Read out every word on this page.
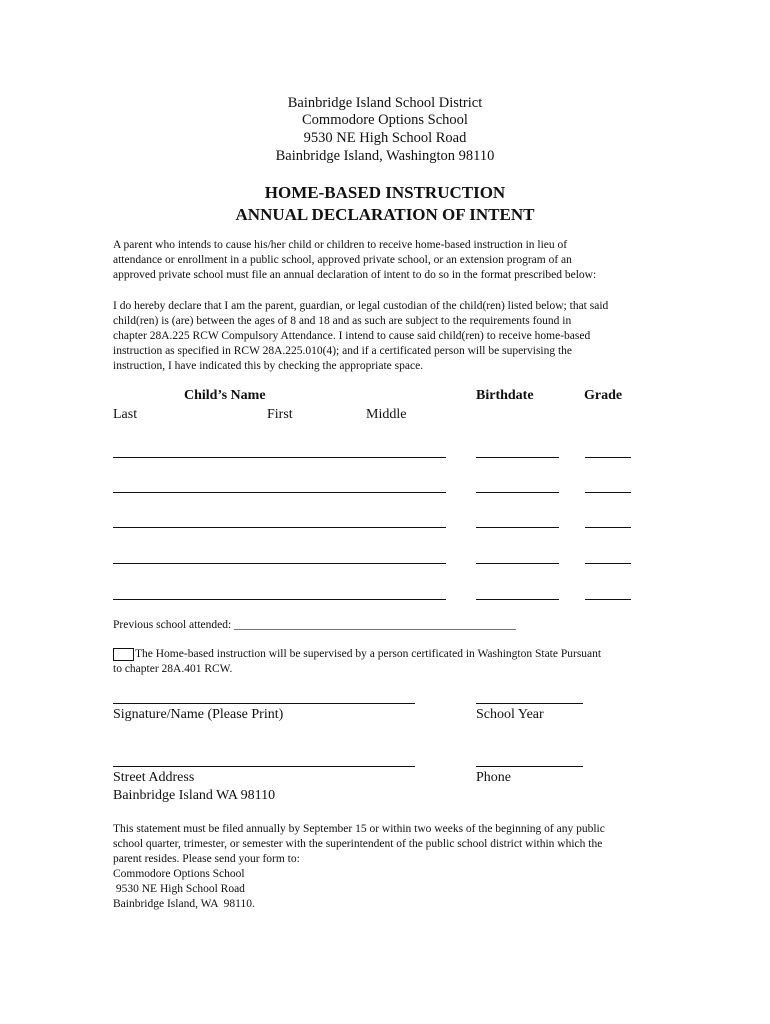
Bainbridge Island School District
Commodore Options School
9530 NE High School Road
Bainbridge Island, Washington 98110
HOME-BASED INSTRUCTION
ANNUAL DECLARATION OF INTENT
A parent who intends to cause his/her child or children to receive home-based instruction in lieu of
attendance or enrollment in a public school, approved private school, or an extension program of an
approved private school must file an annual declaration of intent to do so in the format prescribed below:
I do hereby declare that I am the parent, guardian, or legal custodian of the child(ren) listed below; that said
child(ren) is (are) between the ages of 8 and 18 and as such are subject to the requirements found in
chapter 28A.225 RCW Compulsory Attendance. I intend to cause said child(ren) to receive home-based
instruction as specified in RCW 28A.225.010(4); and if a certificated person will be supervising the
instruction, I have indicated this by checking the appropriate space.
Child’s Name	Birthdate	Grade
Last	First	Middle
Previous school attended: _________________________________________________
The Home-based instruction will be supervised by a person certificated in Washington State Pursuant
to chapter 28A.401 RCW.
Signature/Name (Please Print)	School Year
Street Address	Phone
Bainbridge Island WA 98110
This statement must be filed annually by September 15 or within two weeks of the beginning of any public
school quarter, trimester, or semester with the superintendent of the public school district within which the
parent resides. Please send your form to:
Commodore Options School
9530 NE High School Road
Bainbridge Island, WA  98110.
